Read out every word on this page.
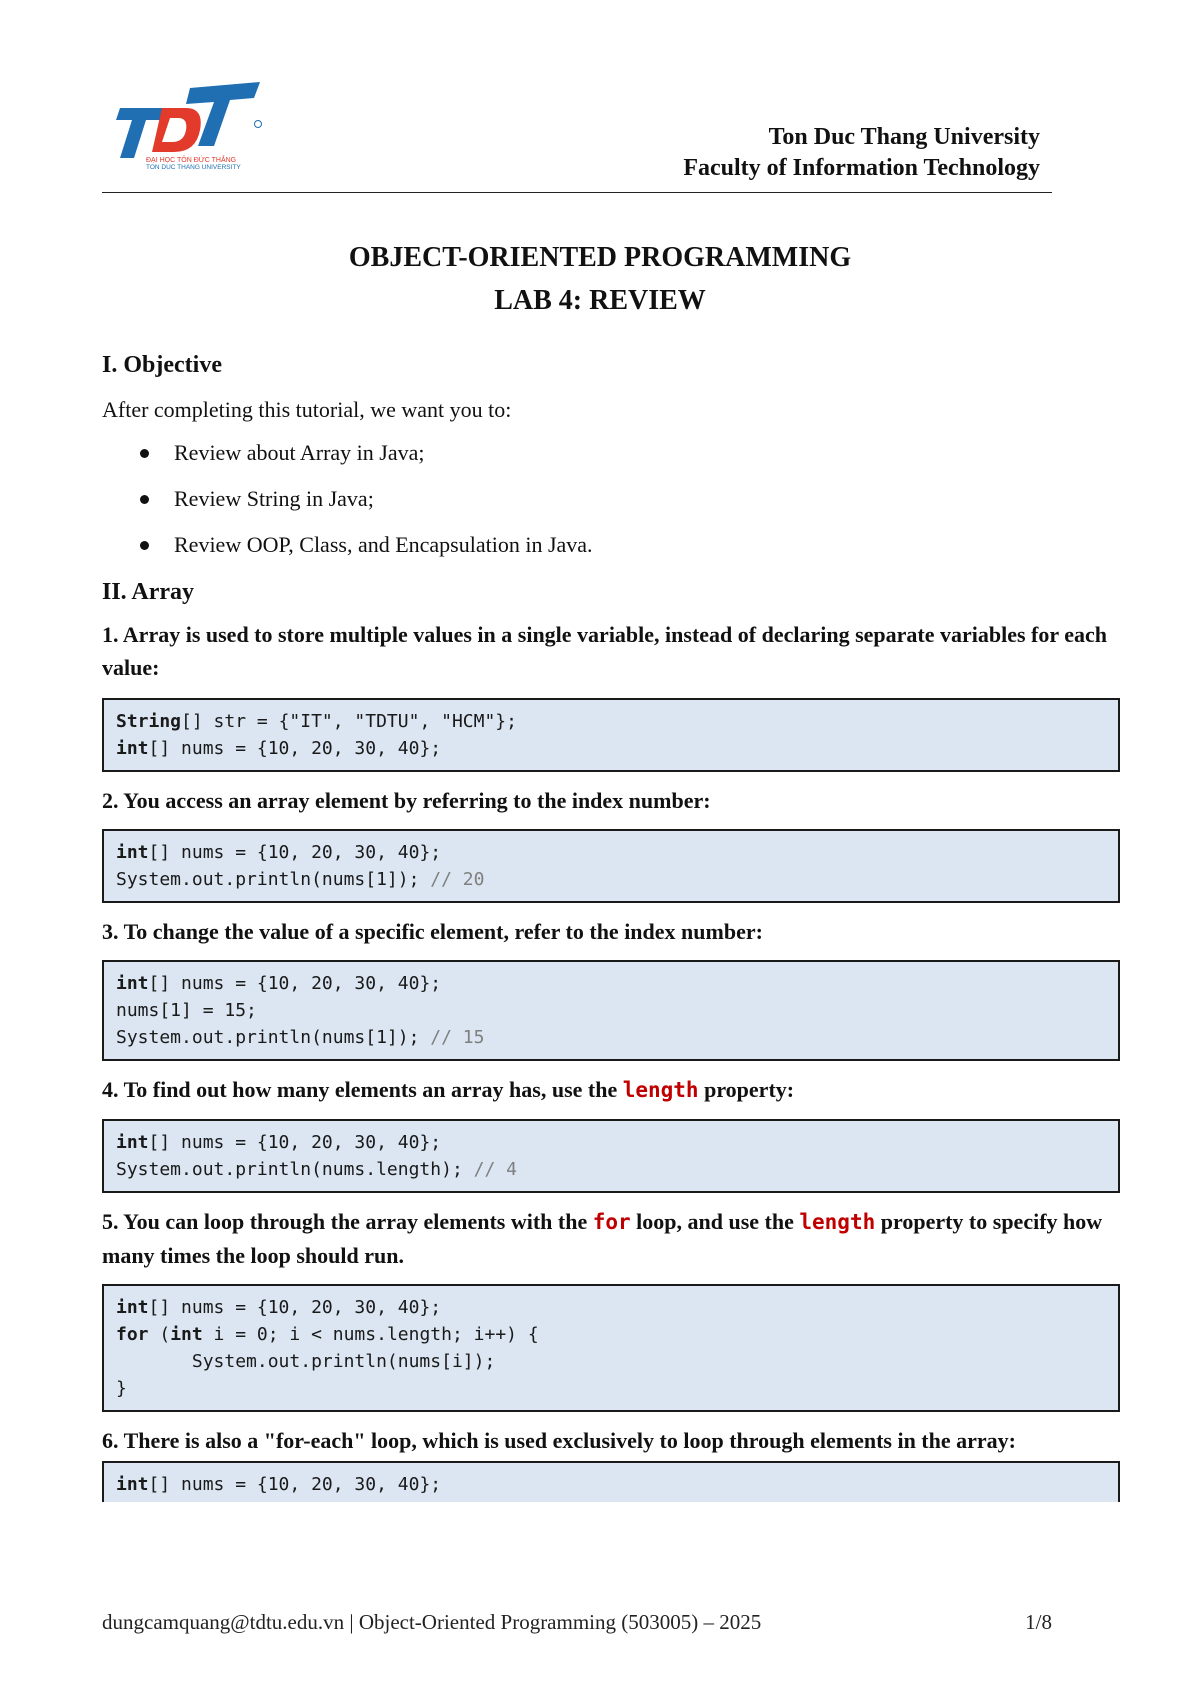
ĐẠI HỌC TÔN ĐỨC THẮNG
TON DUC THANG UNIVERSITY
Ton Duc Thang University
Faculty of Information Technology
OBJECT-ORIENTED PROGRAMMING
LAB 4: REVIEW

I. Objective

After completing this tutorial, we want you to:

Review about Array in Java;
Review String in Java;
Review OOP, Class, and Encapsulation in Java.

II. Array

1. Array is used to store multiple values in a single variable, instead of declaring separate variables for each value:

String[] str = {"IT", "TDTU", "HCM"};
int[] nums = {10, 20, 30, 40};

2. You access an array element by referring to the index number:

int[] nums = {10, 20, 30, 40};
System.out.println(nums[1]); // 20

3. To change the value of a specific element, refer to the index number:

int[] nums = {10, 20, 30, 40};
nums[1] = 15;
System.out.println(nums[1]); // 15

4. To find out how many elements an array has, use the length property:

int[] nums = {10, 20, 30, 40};
System.out.println(nums.length); // 4

5. You can loop through the array elements with the for loop, and use the length property to specify how many times the loop should run.

int[] nums = {10, 20, 30, 40};
for (int i = 0; i < nums.length; i++) {
System.out.println(nums[i]);
}

6. There is also a "for-each" loop, which is used exclusively to loop through elements in the array:

int[] nums = {10, 20, 30, 40};
dungcamquang@tdtu.edu.vn | Object-Oriented Programming (503005) – 2025	1/8
